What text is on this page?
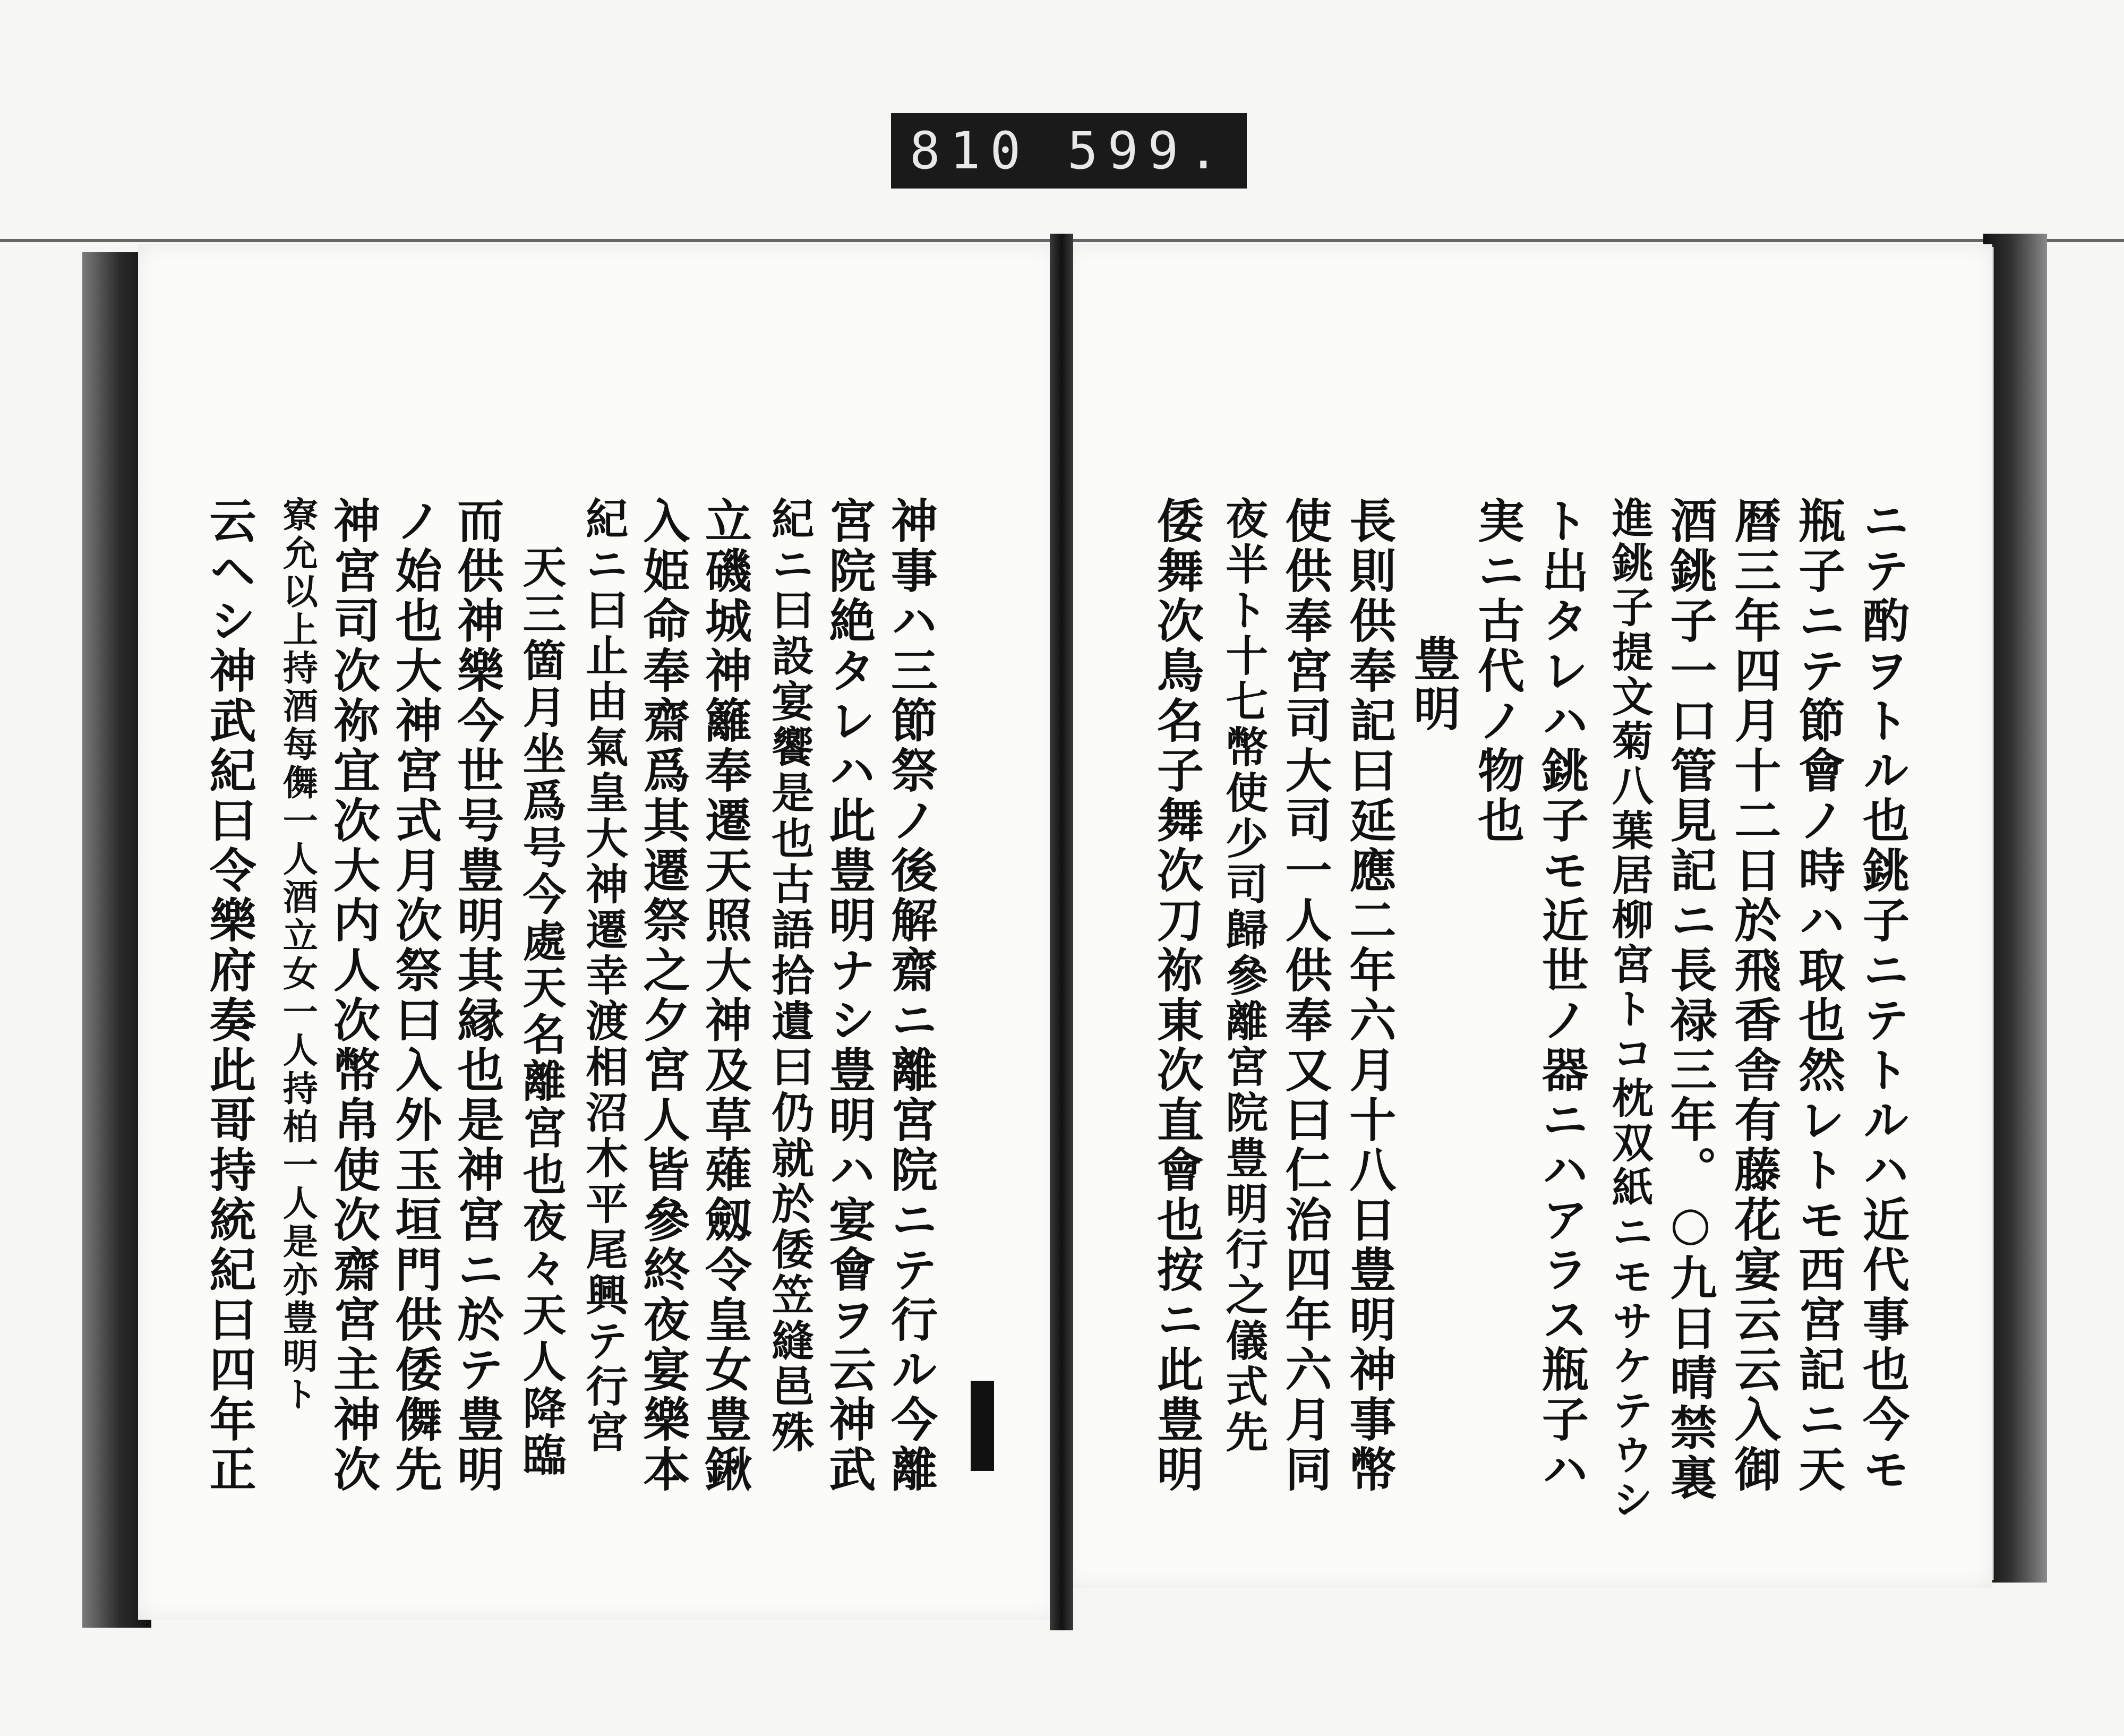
810 599.
ニテ酌ヲトル也銚子ニテトルハ近代事也今モ
瓶子ニテ節會ノ時ハ取也然レトモ西宮記ニ天
暦三年四月十二日於飛香舎有藤花宴云云入御
酒銚子一口管見記ニ長禄三年。○九日晴禁裏
進銚子提文菊八葉居柳宮トコ枕双紙ニモサケテウシ
ト出タレハ銚子モ近世ノ器ニハアラス瓶子ハ
実ニ古代ノ物也
豊明
長則供奉記曰延應二年六月十八日豊明神事幣
使供奉宮司大司一人供奉又曰仁治四年六月同
夜半ト十七幣使少司歸參離宮院豊明行之儀式先
倭舞次鳥名子舞次刀祢東次直會也按ニ此豊明
神事ハ三節祭ノ後解齋ニ離宮院ニテ行ル今離
宮院絶タレハ此豊明ナシ豊明ハ宴會ヲ云神武
紀ニ曰設宴饗是也古語拾遺曰仍就於倭笠縫邑殊
立磯城神籬奉遷天照大神及草薙劔令皇女豊鍬
入姫命奉齋爲其遷祭之夕宮人皆參終夜宴樂本
紀ニ曰止由氣皇大神遷幸渡相沼木平尾興テ行宮
天三箇月坐爲号今處天名離宮也夜々天人降臨
而供神樂今世号豊明其縁也是神宮ニ於テ豊明
ノ始也大神宮式月次祭曰入外玉垣門供倭儛先
神宮司次祢宜次大内人次幣帛使次齋宮主神次
寮允以上持酒每儛一人酒立女一人持柏一人是亦豊明ト
云ヘシ神武紀曰令樂府奏此哥持統紀曰四年正
